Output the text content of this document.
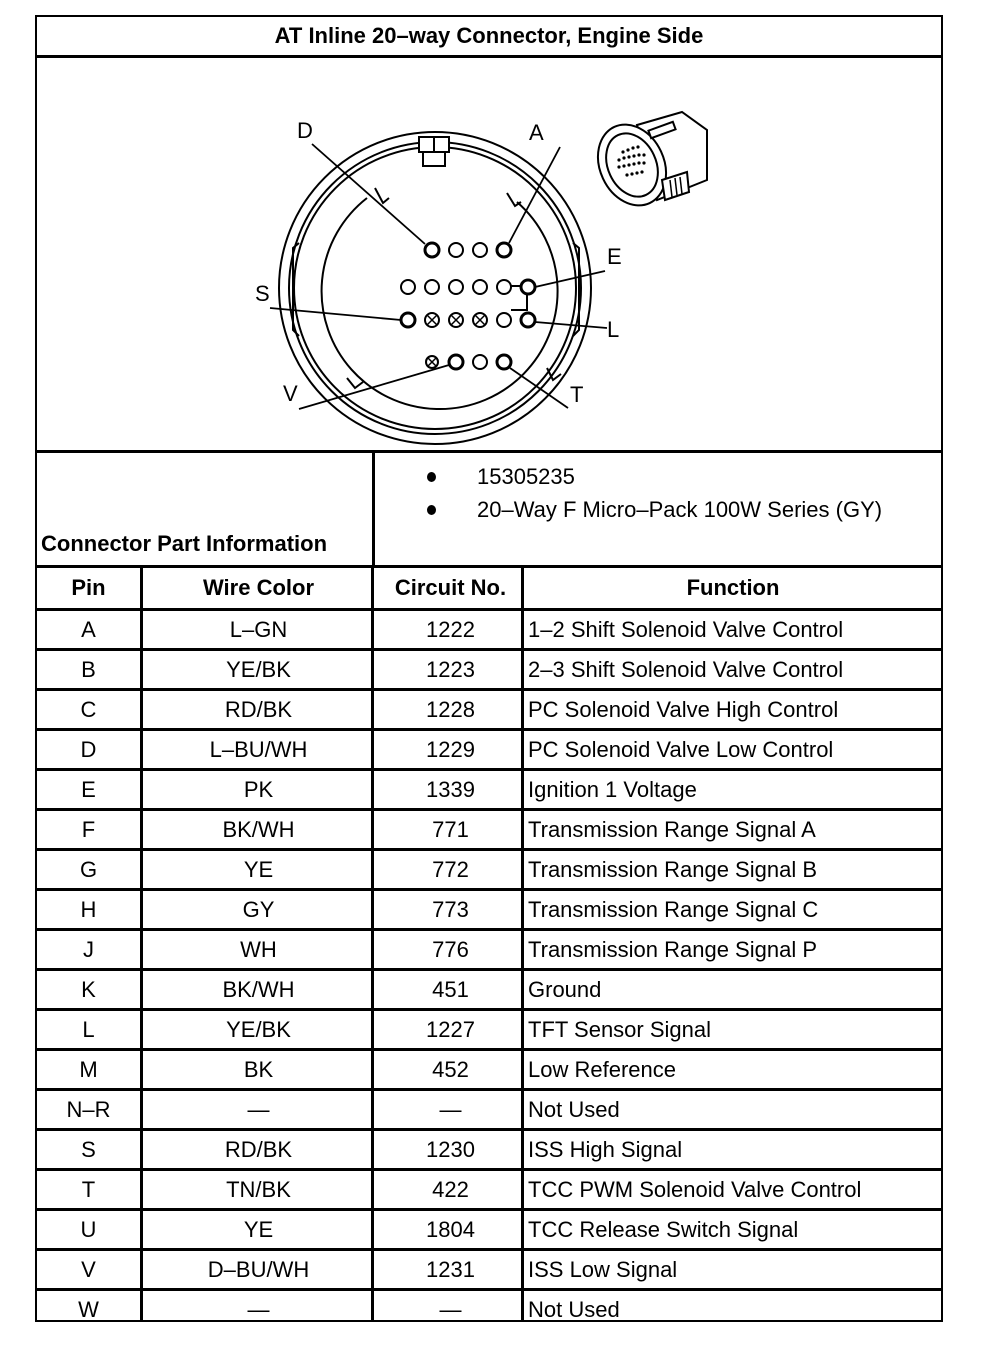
AT Inline 20–way Connector, Engine Side
D	A
E
S
L
V	T
Connector Part Information
15305235
20–Way F Micro–Pack 100W Series (GY)
Pin	Wire Color	Circuit No.	Function
A	L–GN	1222	1–2 Shift Solenoid Valve Control
B	YE/BK	1223	2–3 Shift Solenoid Valve Control
C	RD/BK	1228	PC Solenoid Valve High Control
D	L–BU/WH	1229	PC Solenoid Valve Low Control
E	PK	1339	Ignition 1 Voltage
F	BK/WH	771	Transmission Range Signal A
G	YE	772	Transmission Range Signal B
H	GY	773	Transmission Range Signal C
J	WH	776	Transmission Range Signal P
K	BK/WH	451	Ground
L	YE/BK	1227	TFT Sensor Signal
M	BK	452	Low Reference
N–R	—	—	Not Used
S	RD/BK	1230	ISS High Signal
T	TN/BK	422	TCC PWM Solenoid Valve Control
U	YE	1804	TCC Release Switch Signal
V	D–BU/WH	1231	ISS Low Signal
W	—	—	Not Used
